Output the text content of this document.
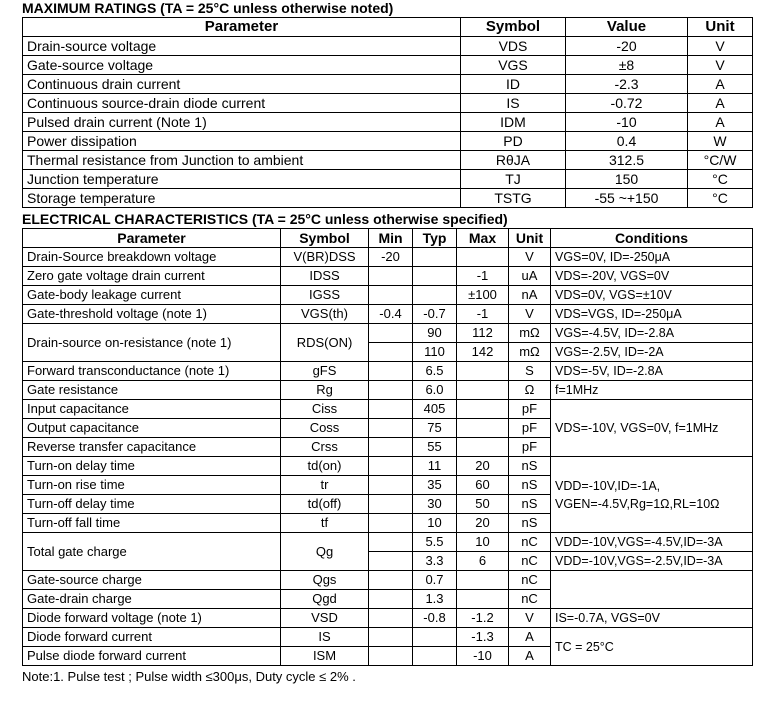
MAXIMUM RATINGS (TA = 25°C unless otherwise noted)
Parameter	Symbol	Value	Unit
Drain-source voltage	VDS	-20	V
Gate-source voltage	VGS	±8	V
Continuous drain current	ID	-2.3	A
Continuous source-drain diode current	IS	-0.72	A
Pulsed drain current (Note 1)	IDM	-10	A
Power dissipation	PD	0.4	W
Thermal resistance from Junction to ambient	RθJA	312.5	°C/W
Junction temperature	TJ	150	°C
Storage temperature	TSTG	-55 ~+150	°C
ELECTRICAL CHARACTERISTICS (TA = 25°C unless otherwise specified)
Parameter	Symbol	Min	Typ	Max	Unit	Conditions
Drain-Source breakdown voltage	V(BR)DSS	-20			V	VGS=0V, ID=-250μA
Zero gate voltage drain current	IDSS			-1	uA	VDS=-20V, VGS=0V
Gate-body leakage current	IGSS			±100	nA	VDS=0V, VGS=±10V
Gate-threshold voltage (note 1)	VGS(th)	-0.4	-0.7	-1	V	VDS=VGS, ID=-250μA
Drain-source on-resistance (note 1)	RDS(ON)		90	112	mΩ	VGS=-4.5V, ID=-2.8A
			110	142	mΩ	VGS=-2.5V, ID=-2A
Forward transconductance (note 1)	gFS		6.5		S	VDS=-5V, ID=-2.8A
Gate resistance	Rg		6.0		Ω	f=1MHz
Input capacitance	Ciss		405		pF	VDS=-10V, VGS=0V, f=1MHz
Output capacitance	Coss		75		pF	
Reverse transfer capacitance	Crss		55		pF	
Turn-on delay time	td(on)		11	20	nS	VDD=-10V,ID=-1A,
VGEN=-4.5V,Rg=1Ω,RL=10Ω

Turn-on rise time	tr		35	60	nS	
Turn-off delay time	td(off)		30	50	nS	
Turn-off fall time	tf		10	20	nS	
Total gate charge	Qg		5.5	10	nC	VDD=-10V,VGS=-4.5V,ID=-3A
			3.3	6	nC	VDD=-10V,VGS=-2.5V,ID=-3A
Gate-source charge	Qgs		0.7		nC	
Gate-drain charge	Qgd		1.3		nC	
Diode forward voltage (note 1)	VSD		-0.8	-1.2	V	IS=-0.7A, VGS=0V
Diode forward current	IS			-1.3	A	TC = 25°C
Pulse diode forward current	ISM			-10	A	
Note:1. Pulse test ; Pulse width ≤300μs, Duty cycle ≤ 2% .
